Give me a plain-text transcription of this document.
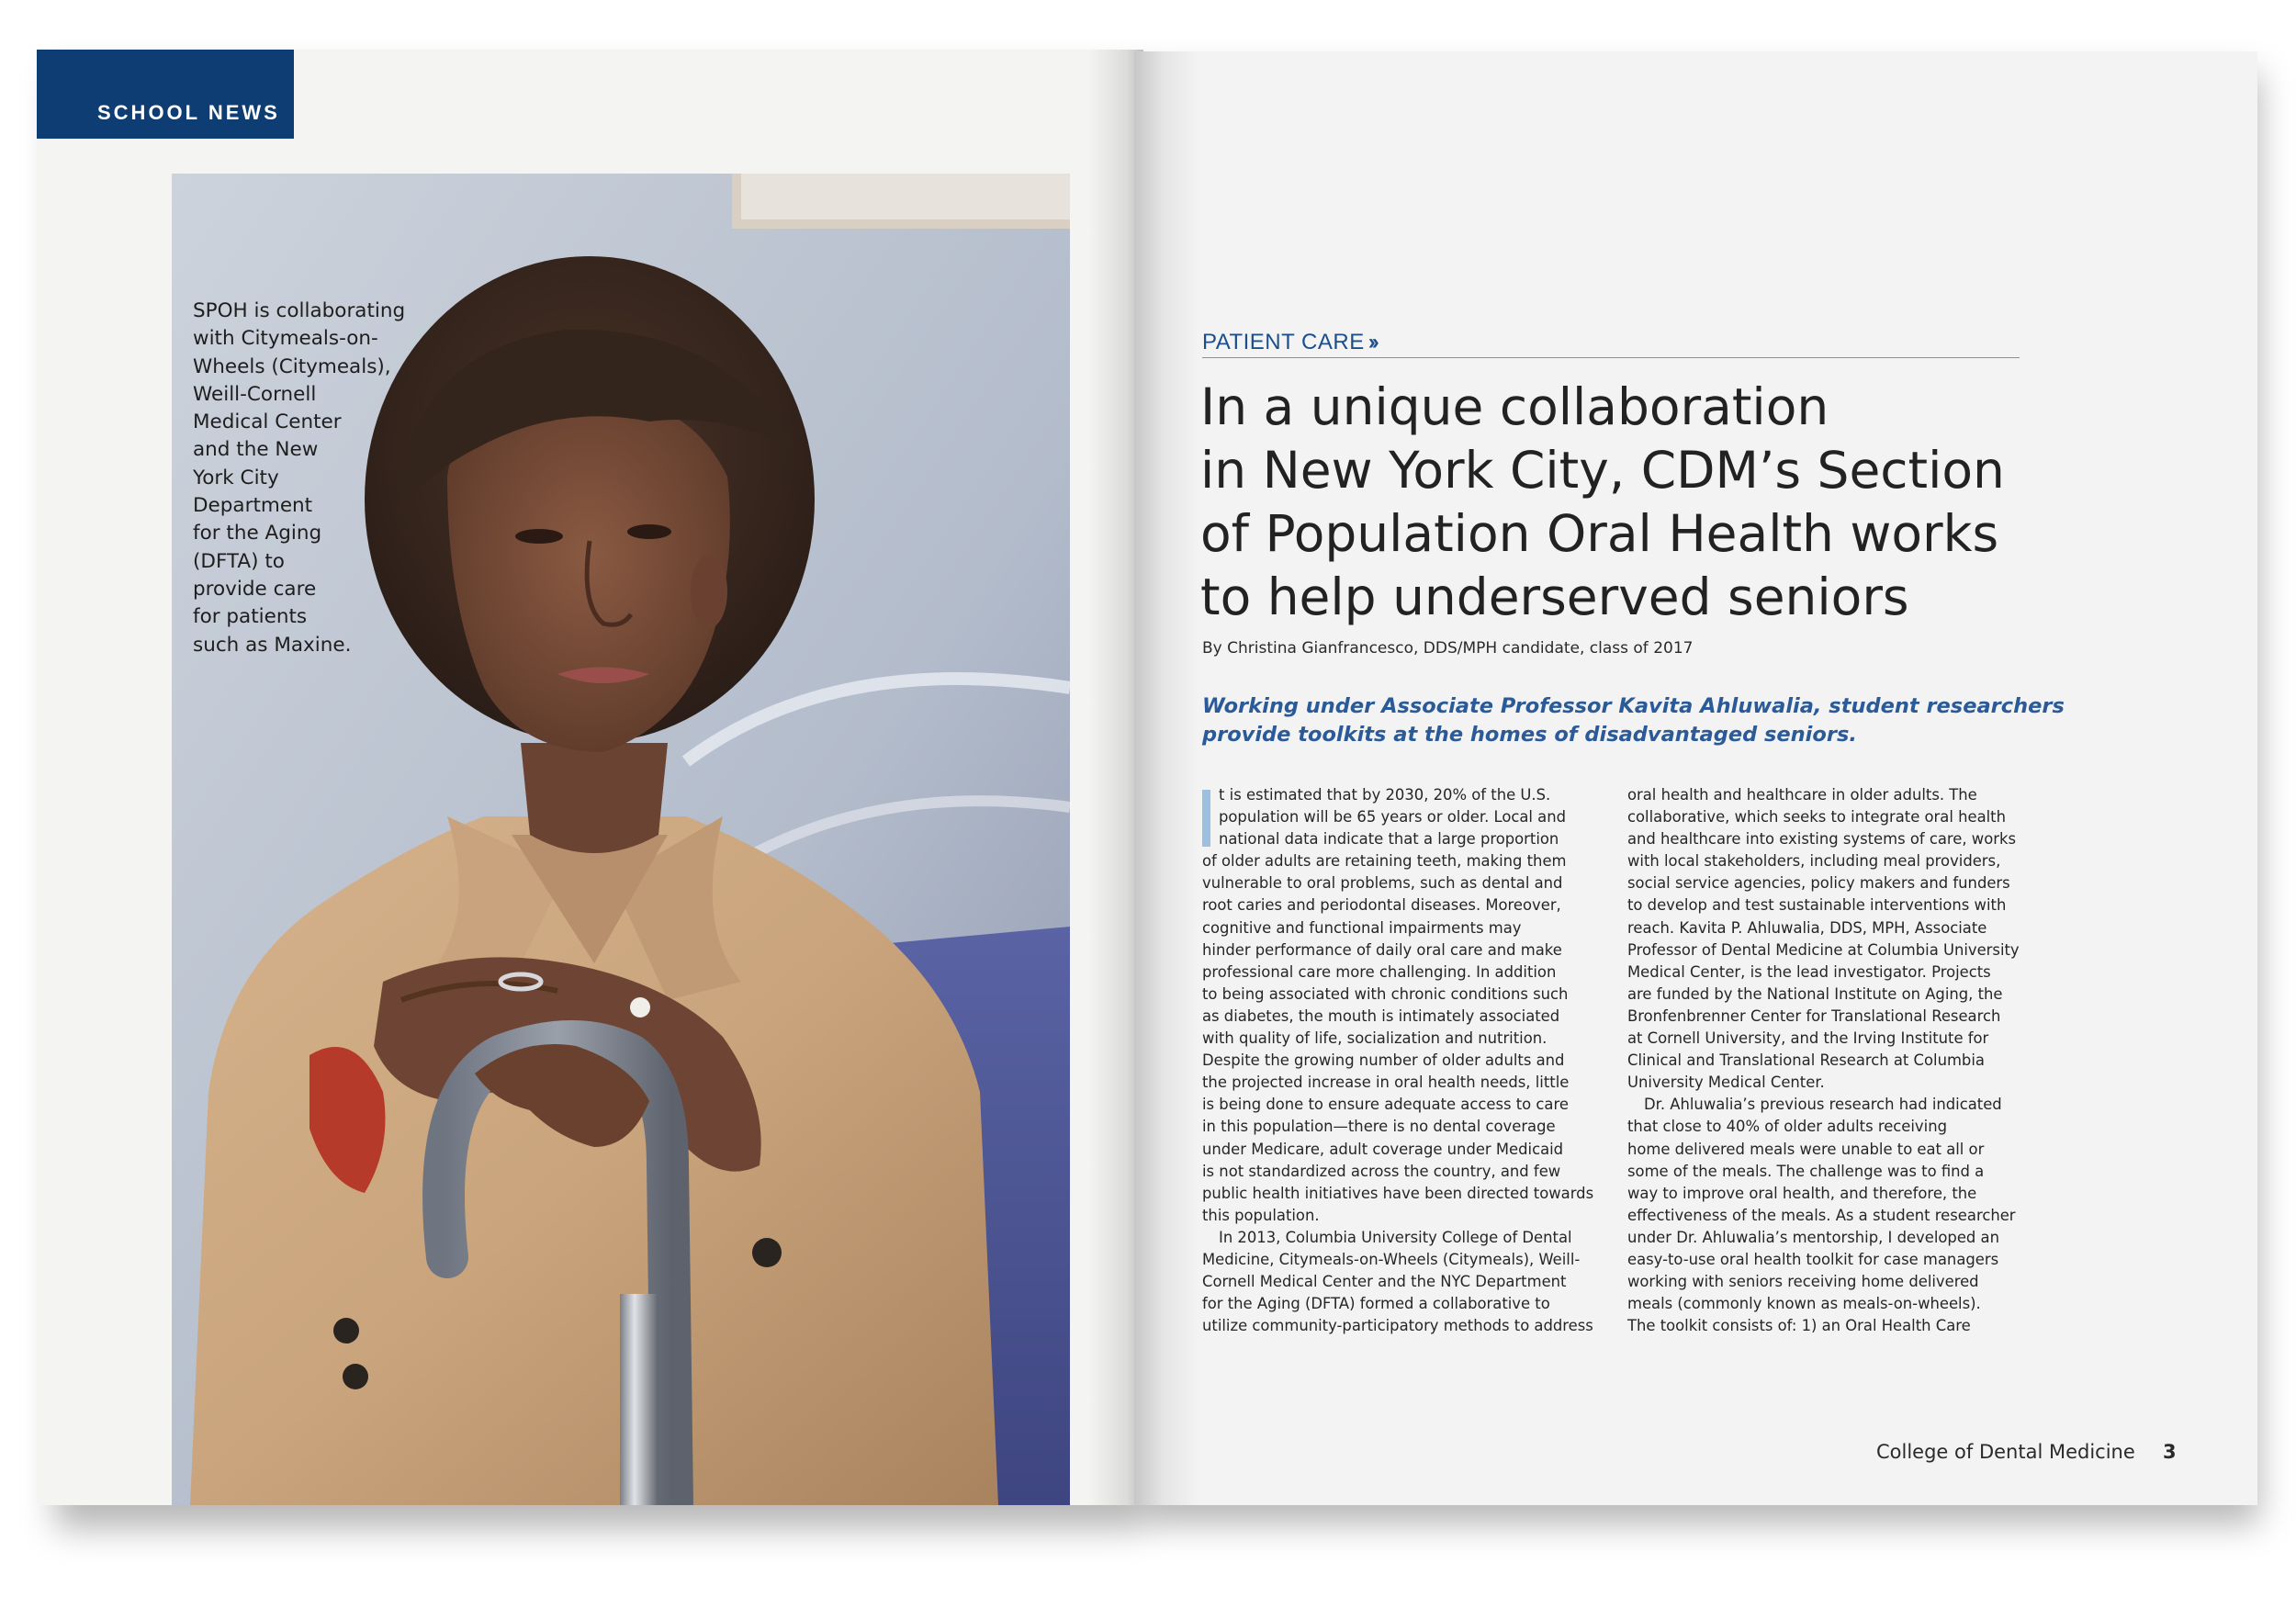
SCHOOL NEWS
SPOH is collaborating
with Citymeals-on-
Wheels (Citymeals),
Weill-Cornell
Medical Center
and the New
York City
Department
for the Aging
(DFTA) to
provide care
for patients
such as Maxine.
PATIENT CARE ››
In a unique collaboration
in New York City, CDM’s Section
of Population Oral Health works
to help underserved seniors
By Christina Gianfrancesco, DDS/MPH candidate, class of 2017
Working under Associate Professor Kavita Ahluwalia, student researchers
provide toolkits at the homes of disadvantaged seniors.
t is estimated that by 2030, 20% of the U.S.
population will be 65 years or older. Local and
national data indicate that a large proportion
of older adults are retaining teeth, making them
vulnerable to oral problems, such as dental and
root caries and periodontal diseases. Moreover,
cognitive and functional impairments may
hinder performance of daily oral care and make
professional care more challenging. In addition
to being associated with chronic conditions such
as diabetes, the mouth is intimately associated
with quality of life, socialization and nutrition.
Despite the growing number of older adults and
the projected increase in oral health needs, little
is being done to ensure adequate access to care
in this population—there is no dental coverage
under Medicare, adult coverage under Medicaid
is not standardized across the country, and few
public health initiatives have been directed towards
this population.
In 2013, Columbia University College of Dental
Medicine, Citymeals-on-Wheels (Citymeals), Weill-
Cornell Medical Center and the NYC Department
for the Aging (DFTA) formed a collaborative to
utilize community-participatory methods to address
oral health and healthcare in older adults. The
collaborative, which seeks to integrate oral health
and healthcare into existing systems of care, works
with local stakeholders, including meal providers,
social service agencies, policy makers and funders
to develop and test sustainable interventions with
reach. Kavita P. Ahluwalia, DDS, MPH, Associate
Professor of Dental Medicine at Columbia University
Medical Center, is the lead investigator. Projects
are funded by the National Institute on Aging, the
Bronfenbrenner Center for Translational Research
at Cornell University, and the Irving Institute for
Clinical and Translational Research at Columbia
University Medical Center.
Dr. Ahluwalia’s previous research had indicated
that close to 40% of older adults receiving
home delivered meals were unable to eat all or
some of the meals. The challenge was to find a
way to improve oral health, and therefore, the
effectiveness of the meals. As a student researcher
under Dr. Ahluwalia’s mentorship, I developed an
easy-to-use oral health toolkit for case managers
working with seniors receiving home delivered
meals (commonly known as meals-on-wheels).
The toolkit consists of: 1) an Oral Health Care
College of Dental Medicine 3
